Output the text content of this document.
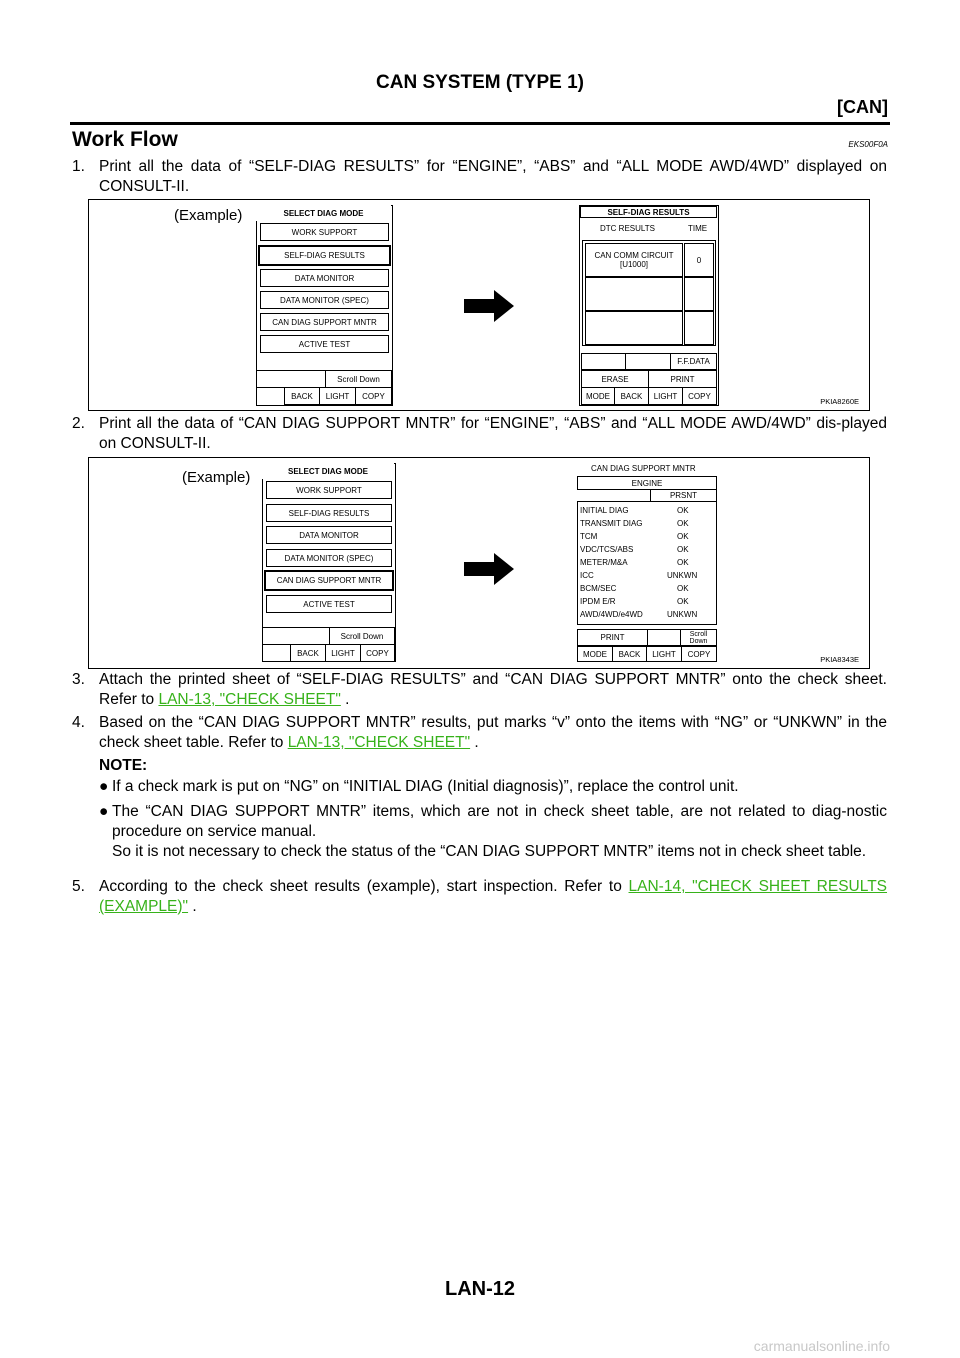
CAN SYSTEM (TYPE 1)
[CAN]
Work Flow	EKS00F0A
1. Print all the data of “SELF-DIAG RESULTS” for “ENGINE”, “ABS” and “ALL MODE AWD/4WD” displayed on CONSULT-II.
(Example)
PKIA8260E
SELECT DIAG MODE
WORK SUPPORT
SELF-DIAG RESULTS
DATA MONITOR
DATA MONITOR (SPEC)
CAN DIAG SUPPORT MNTR
ACTIVE TEST
Scroll Down
BACK	LIGHT	COPY
SELF-DIAG RESULTS
DTC RESULTS	TIME
CAN COMM CIRCUIT
[U1000]	0
F.F.DATA
ERASE	PRINT
MODE	BACK	LIGHT	COPY
2. Print all the data of “CAN DIAG SUPPORT MNTR” for “ENGINE”, “ABS” and “ALL MODE AWD/4WD” dis-played on CONSULT-II.
(Example)
PKIA8343E
SELECT DIAG MODE
WORK SUPPORT
SELF-DIAG RESULTS
DATA MONITOR
DATA MONITOR (SPEC)
CAN DIAG SUPPORT MNTR
ACTIVE TEST
Scroll Down
BACK	LIGHT	COPY
CAN DIAG SUPPORT MNTR
ENGINE
PRSNT
INITIAL DIAG	OK
TRANSMIT DIAG	OK
TCM	OK
VDC/TCS/ABS	OK
METER/M&A	OK
ICC	UNKWN
BCM/SEC	OK
IPDM E/R	OK
AWD/4WD/e4WD	UNKWN
PRINT	Scroll
Down
MODE	BACK	LIGHT	COPY
3. Attach the printed sheet of “SELF-DIAG RESULTS” and “CAN DIAG SUPPORT MNTR” onto the check sheet. Refer to LAN-13, "CHECK SHEET" .
4. Based on the “CAN DIAG SUPPORT MNTR” results, put marks “v” onto the items with “NG” or “UNKWN” in the check sheet table. Refer to LAN-13, "CHECK SHEET" .
NOTE:
● If a check mark is put on “NG” on “INITIAL DIAG (Initial diagnosis)”, replace the control unit.
● The “CAN DIAG SUPPORT MNTR” items, which are not in check sheet table, are not related to diag-nostic procedure on service manual.
So it is not necessary to check the status of the “CAN DIAG SUPPORT MNTR” items not in check sheet table.
5. According to the check sheet results (example), start inspection. Refer to LAN-14, "CHECK SHEET RESULTS (EXAMPLE)" .
LAN-12
carmanualsonline.info
